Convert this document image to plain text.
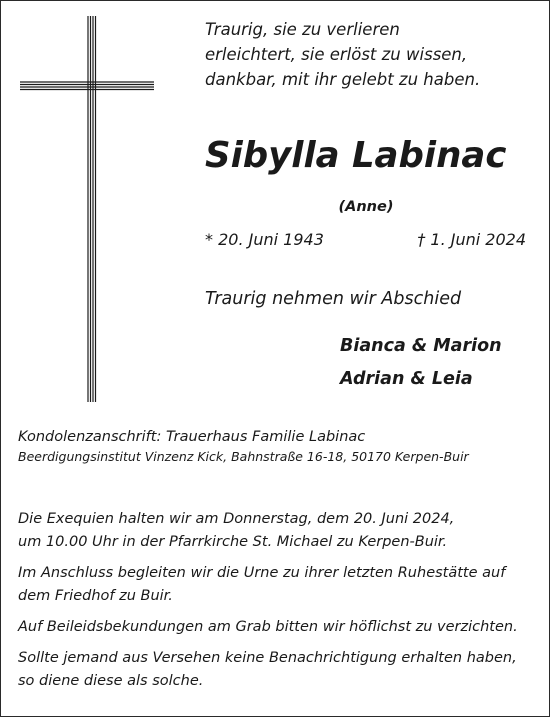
Traurig, sie zu verlieren
erleichtert, sie erlöst zu wissen,
dankbar, mit ihr gelebt zu haben.
Sibylla Labinac
(Anne)
* 20. Juni 1943	† 1. Juni 2024
Traurig nehmen wir Abschied
Bianca & Marion
Adrian & Leia
Kondolenzanschrift: Trauerhaus Familie Labinac
Beerdigungsinstitut Vinzenz Kick, Bahnstraße 16-18, 50170 Kerpen-Buir
Die Exequien halten wir am Donnerstag, dem 20. Juni 2024,
um 10.00 Uhr in der Pfarrkirche St. Michael zu Kerpen-Buir.
Im Anschluss begleiten wir die Urne zu ihrer letzten Ruhestätte auf
dem Friedhof zu Buir.
Auf Beileidsbekundungen am Grab bitten wir höflichst zu verzichten.
Sollte jemand aus Versehen keine Benachrichtigung erhalten haben,
so diene diese als solche.
